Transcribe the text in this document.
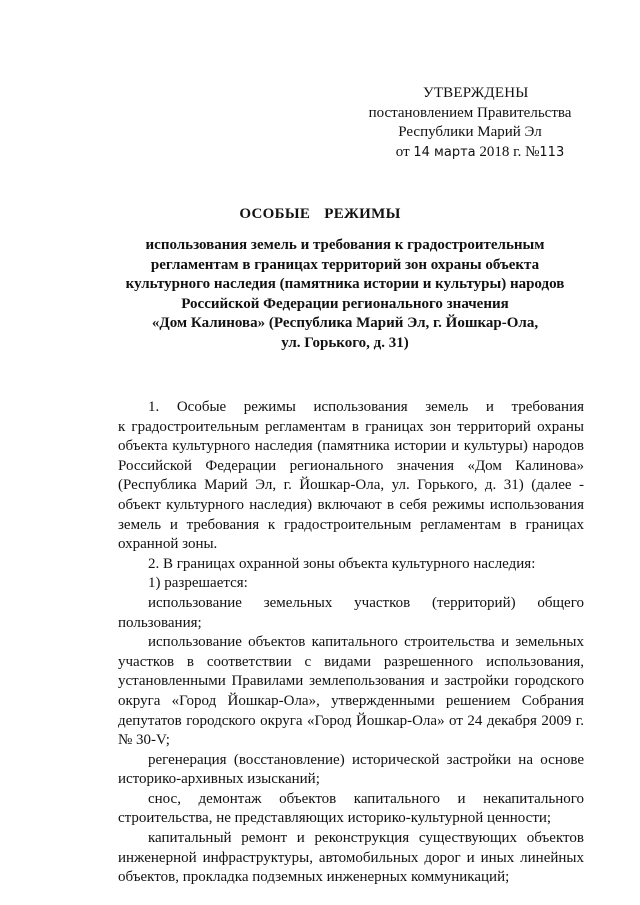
УТВЕРЖДЕНЫ
постановлением Правительства
Республики Марий Эл
от 14 марта 2018 г. №113
ОСОБЫЕ  РЕЖИМЫ
использования земель и требования к градостроительным
регламентам в границах территорий зон охраны объекта
культурного наследия (памятника истории и культуры) народов
Российской Федерации регионального значения
«Дом Калинова» (Республика Марий Эл, г. Йошкар-Ола,
ул. Горького, д. 31)
1. Особые режимы использования земель и требования
к градостроительным регламентам в границах зон территорий охраны
объекта культурного наследия (памятника истории и культуры) народов
Российской Федерации регионального значения «Дом Калинова»
(Республика Марий Эл, г. Йошкар-Ола, ул. Горького, д. 31) (далее -
объект культурного наследия) включают в себя режимы использования
земель и требования к градостроительным регламентам в границах
охранной зоны.
2. В границах охранной зоны объекта культурного наследия:
1) разрешается:
использование земельных участков (территорий) общего
пользования;
использование объектов капитального строительства и земельных
участков в соответствии с видами разрешенного использования,
установленными Правилами землепользования и застройки городского
округа «Город Йошкар-Ола», утвержденными решением Собрания
депутатов городского округа «Город Йошкар-Ола» от 24 декабря 2009 г.
№ 30-V;
регенерация (восстановление) исторической застройки на основе
историко-архивных изысканий;
снос, демонтаж объектов капитального и некапитального
строительства, не представляющих историко-культурной ценности;
капитальный ремонт и реконструкция существующих объектов
инженерной инфраструктуры, автомобильных дорог и иных линейных
объектов, прокладка подземных инженерных коммуникаций;
